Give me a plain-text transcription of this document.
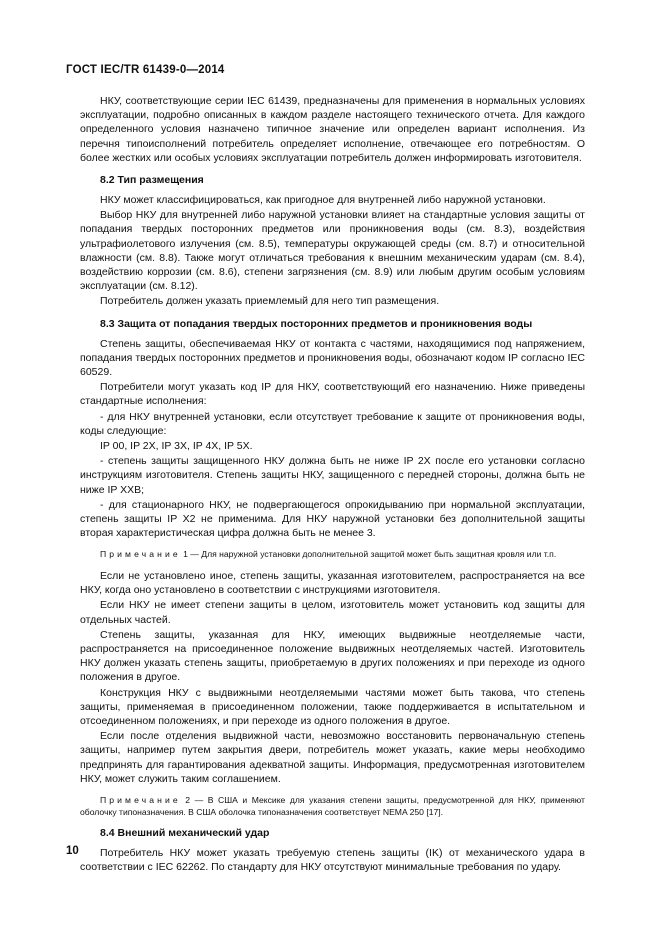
ГОСТ IEC/TR 61439-0—2014

НКУ, соответствующие серии IEC 61439, предназначены для применения в нормальных условиях эксплуатации, подробно описанных в каждом разделе настоящего технического отчета. Для каждого определенного условия назначено типичное значение или определен вариант исполнения. Из перечня типоисполнений потребитель определяет исполнение, отвечающее его потребностям. О более жестких или особых условиях эксплуатации потребитель должен информировать изготовителя.

8.2 Тип размещения

НКУ может классифицироваться, как пригодное для внутренней либо наружной установки.

Выбор НКУ для внутренней либо наружной установки влияет на стандартные условия защиты от попадания твердых посторонних предметов или проникновения воды (см. 8.3), воздействия ультрафиолетового излучения (см. 8.5), температуры окружающей среды (см. 8.7) и относительной влажности (см. 8.8). Также могут отличаться требования к внешним механическим ударам (см. 8.4), воздействию коррозии (см. 8.6), степени загрязнения (см. 8.9) или любым другим особым условиям эксплуатации (см. 8.12).

Потребитель должен указать приемлемый для него тип размещения.

8.3 Защита от попадания твердых посторонних предметов и проникновения воды

Степень защиты, обеспечиваемая НКУ от контакта с частями, находящимися под напряжением, попадания твердых посторонних предметов и проникновения воды, обозначают кодом IP согласно IEC 60529.

Потребители могут указать код IP для НКУ, соответствующий его назначению. Ниже приведены стандартные исполнения:

- для НКУ внутренней установки, если отсутствует требование к защите от проникновения воды, коды следующие:

IP 00, IP 2X, IP 3X, IP 4X, IP 5X.

- степень защиты защищенного НКУ должна быть не ниже IP 2X после его установки согласно инструкциям изготовителя. Степень защиты НКУ, защищенного с передней стороны, должна быть не ниже IP XXB;

- для стационарного НКУ, не подвергающегося опрокидыванию при нормальной эксплуатации, степень защиты IP X2 не применима. Для НКУ наружной установки без дополнительной защиты вторая характеристическая цифра должна быть не менее 3.

Примечание 1 — Для наружной установки дополнительной защитой может быть защитная кровля или т.п.

Если не установлено иное, степень защиты, указанная изготовителем, распространяется на все НКУ, когда оно установлено в соответствии с инструкциями изготовителя.

Если НКУ не имеет степени защиты в целом, изготовитель может установить код защиты для отдельных частей.

Степень защиты, указанная для НКУ, имеющих выдвижные неотделяемые части, распространяется на присоединенное положение выдвижных неотделяемых частей. Изготовитель НКУ должен указать степень защиты, приобретаемую в других положениях и при переходе из одного положения в другое.

Конструкция НКУ с выдвижными неотделяемыми частями может быть такова, что степень защиты, применяемая в присоединенном положении, также поддерживается в испытательном и отсоединенном положениях, и при переходе из одного положения в другое.

Если после отделения выдвижной части, невозможно восстановить первоначальную степень защиты, например путем закрытия двери, потребитель может указать, какие меры необходимо предпринять для гарантирования адекватной защиты. Информация, предусмотренная изготовителем НКУ, может служить таким соглашением.

Примечание 2 — В США и Мексике для указания степени защиты, предусмотренной для НКУ, применяют оболочку типоназначения. В США оболочка типоназначения соответствует NEMA 250 [17].

8.4 Внешний механический удар

Потребитель НКУ может указать требуемую степень защиты (IK) от механического удара в соответствии с IEC 62262. По стандарту для НКУ отсутствуют минимальные требования по удару.

10
